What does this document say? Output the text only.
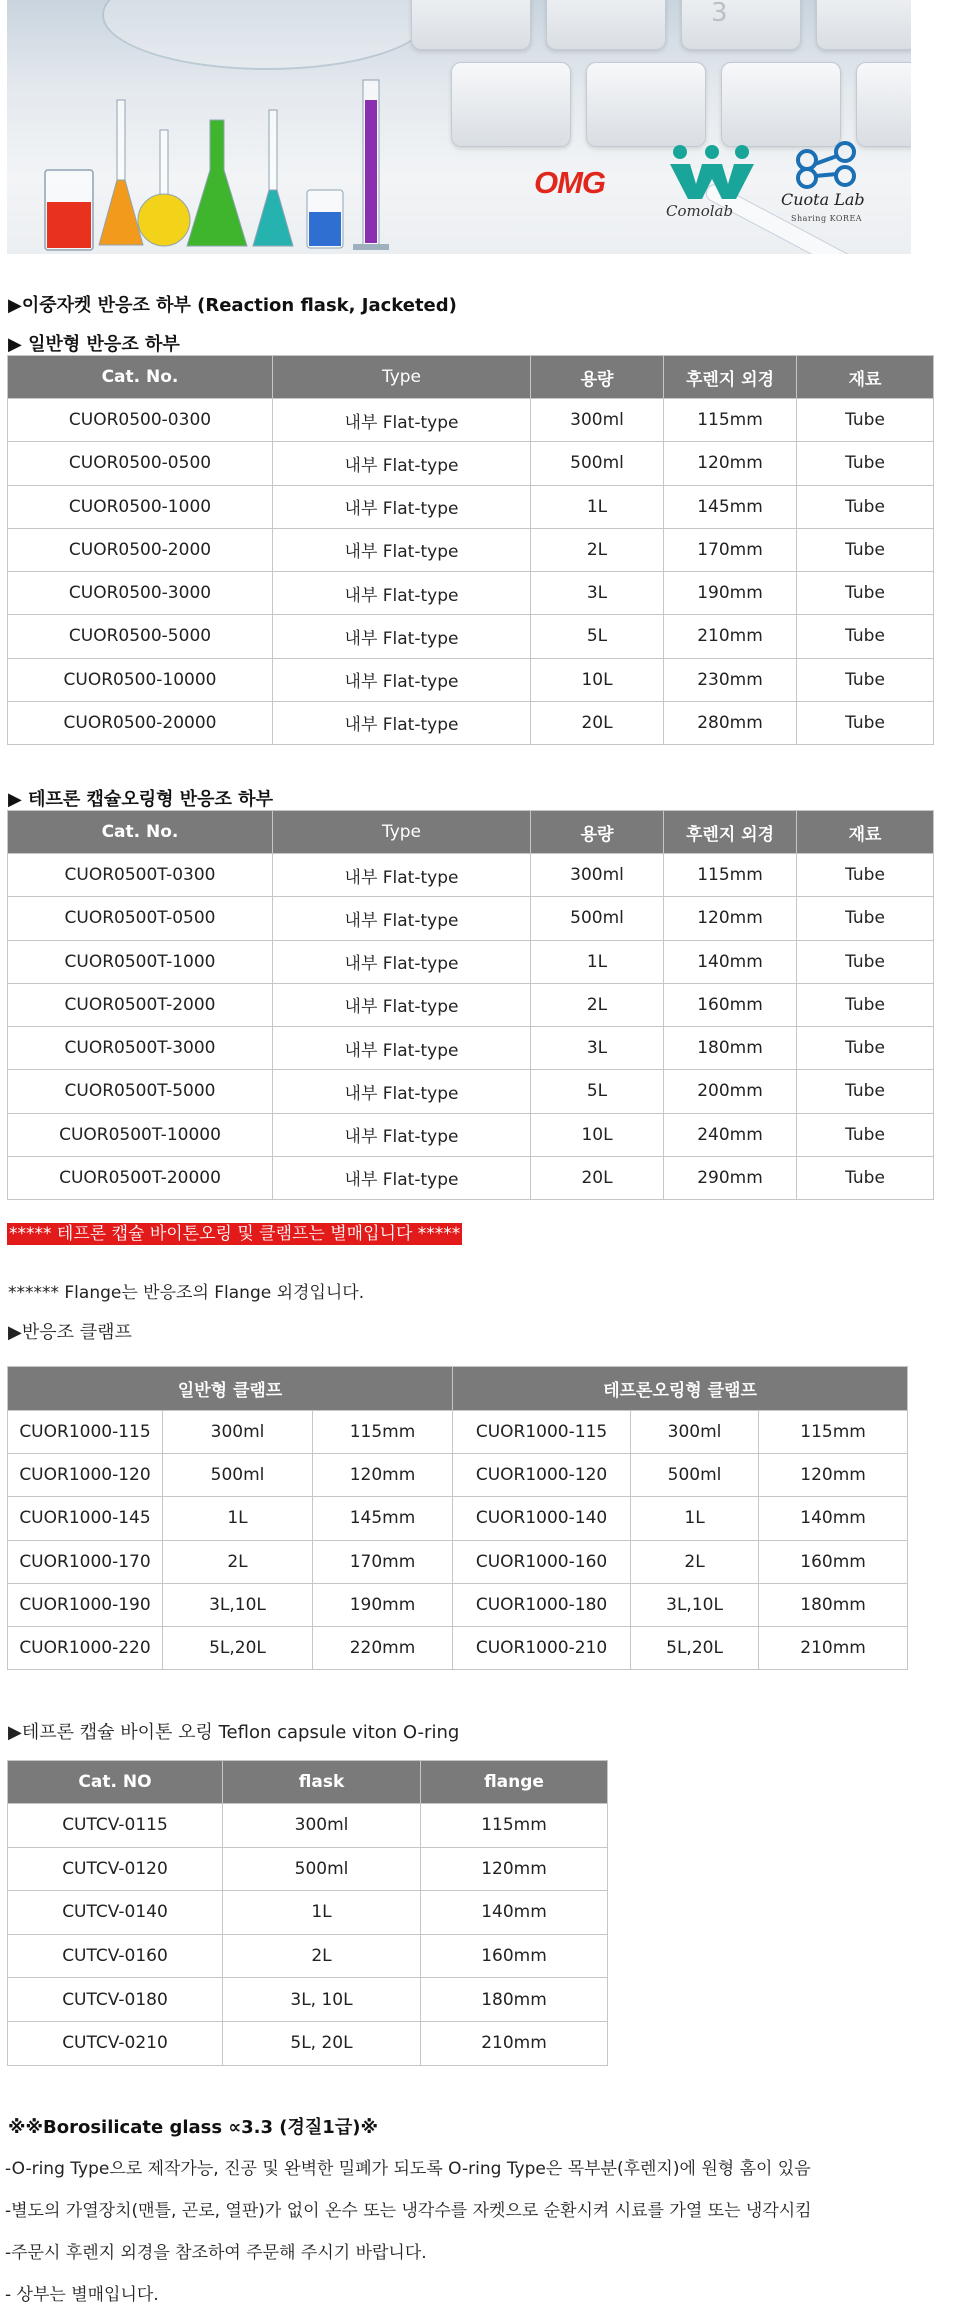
3
OMG
Comolab
Cuota Lab
Sharing KOREA
▶이중자켓 반응조 하부 (Reaction flask, Jacketed)
▶ 일반형 반응조 하부
Cat. No.	Type	용량	후렌지 외경	재료
CUOR0500-0300	내부 Flat-type	300ml	115mm	Tube
CUOR0500-0500	내부 Flat-type	500ml	120mm	Tube
CUOR0500-1000	내부 Flat-type	1L	145mm	Tube
CUOR0500-2000	내부 Flat-type	2L	170mm	Tube
CUOR0500-3000	내부 Flat-type	3L	190mm	Tube
CUOR0500-5000	내부 Flat-type	5L	210mm	Tube
CUOR0500-10000	내부 Flat-type	10L	230mm	Tube
CUOR0500-20000	내부 Flat-type	20L	280mm	Tube
▶ 테프론 캡슐오링형 반응조 하부
Cat. No.	Type	용량	후렌지 외경	재료
CUOR0500T-0300	내부 Flat-type	300ml	115mm	Tube
CUOR0500T-0500	내부 Flat-type	500ml	120mm	Tube
CUOR0500T-1000	내부 Flat-type	1L	140mm	Tube
CUOR0500T-2000	내부 Flat-type	2L	160mm	Tube
CUOR0500T-3000	내부 Flat-type	3L	180mm	Tube
CUOR0500T-5000	내부 Flat-type	5L	200mm	Tube
CUOR0500T-10000	내부 Flat-type	10L	240mm	Tube
CUOR0500T-20000	내부 Flat-type	20L	290mm	Tube
***** 테프론 캡슐 바이톤오링 및 클램프는 별매입니다 *****
****** Flange는 반응조의 Flange 외경입니다.
▶반응조 클램프
일반형 클램프			테프론오링형 클램프		
CUOR1000-115	300ml	115mm	CUOR1000-115	300ml	115mm
CUOR1000-120	500ml	120mm	CUOR1000-120	500ml	120mm
CUOR1000-145	1L	145mm	CUOR1000-140	1L	140mm
CUOR1000-170	2L	170mm	CUOR1000-160	2L	160mm
CUOR1000-190	3L,10L	190mm	CUOR1000-180	3L,10L	180mm
CUOR1000-220	5L,20L	220mm	CUOR1000-210	5L,20L	210mm
▶테프론 캡슐 바이톤 오링 Teflon capsule viton O-ring
Cat. NO	flask	flange
CUTCV-0115	300ml	115mm
CUTCV-0120	500ml	120mm
CUTCV-0140	1L	140mm
CUTCV-0160	2L	160mm
CUTCV-0180	3L, 10L	180mm
CUTCV-0210	5L, 20L	210mm
※※Borosilicate glass ∝3.3 (경질1급)※
-O-ring Type으로 제작가능, 진공 및 완벽한 밀폐가 되도록 O-ring Type은 목부분(후렌지)에 원형 홈이 있음
-별도의 가열장치(맨틀, 곤로, 열판)가 없이 온수 또는 냉각수를 자켓으로 순환시켜 시료를 가열 또는 냉각시킴
-주문시 후렌지 외경을 참조하여 주문해 주시기 바랍니다.
- 상부는 별매입니다.
